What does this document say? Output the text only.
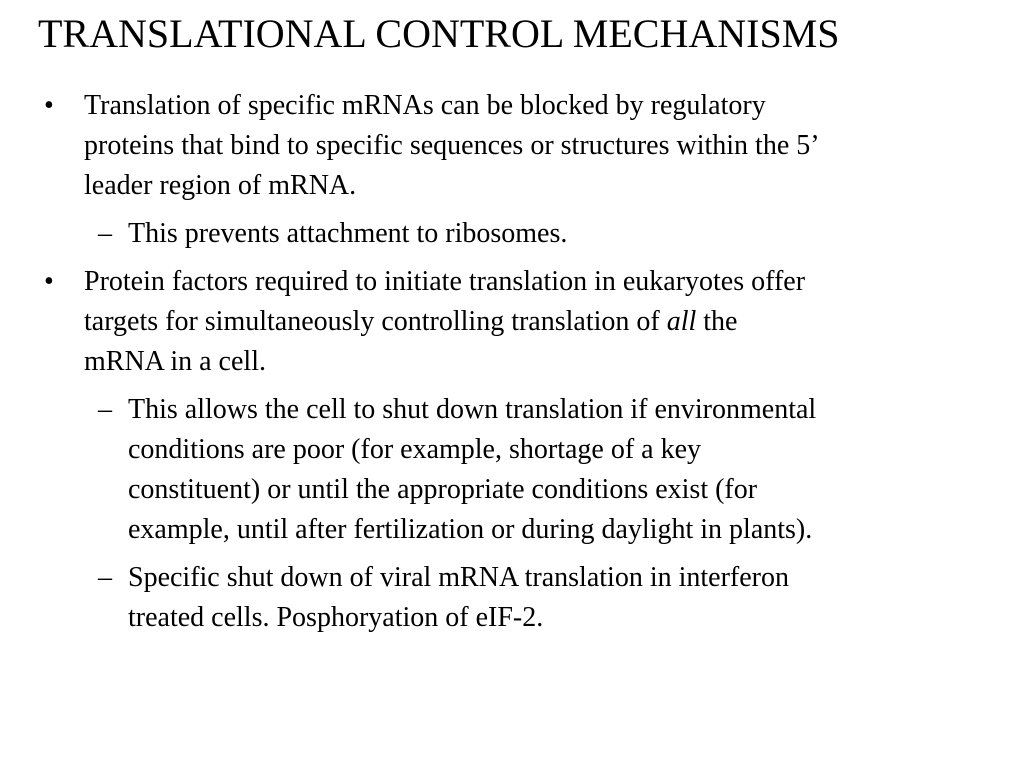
TRANSLATIONAL CONTROL MECHANISMS
• Translation of specific mRNAs can be blocked by regulatory
proteins that bind to specific sequences or structures within the 5’
leader region of mRNA.
– This prevents attachment to ribosomes.
• Protein factors required to initiate translation in eukaryotes offer
targets for simultaneously controlling translation of all the
mRNA in a cell.
– This allows the cell to shut down translation if environmental
conditions are poor (for example, shortage of a key
constituent) or until the appropriate conditions exist (for
example, until after fertilization or during daylight in plants).
– Specific shut down of viral mRNA translation in interferon
treated cells. Posphoryation of eIF-2.
